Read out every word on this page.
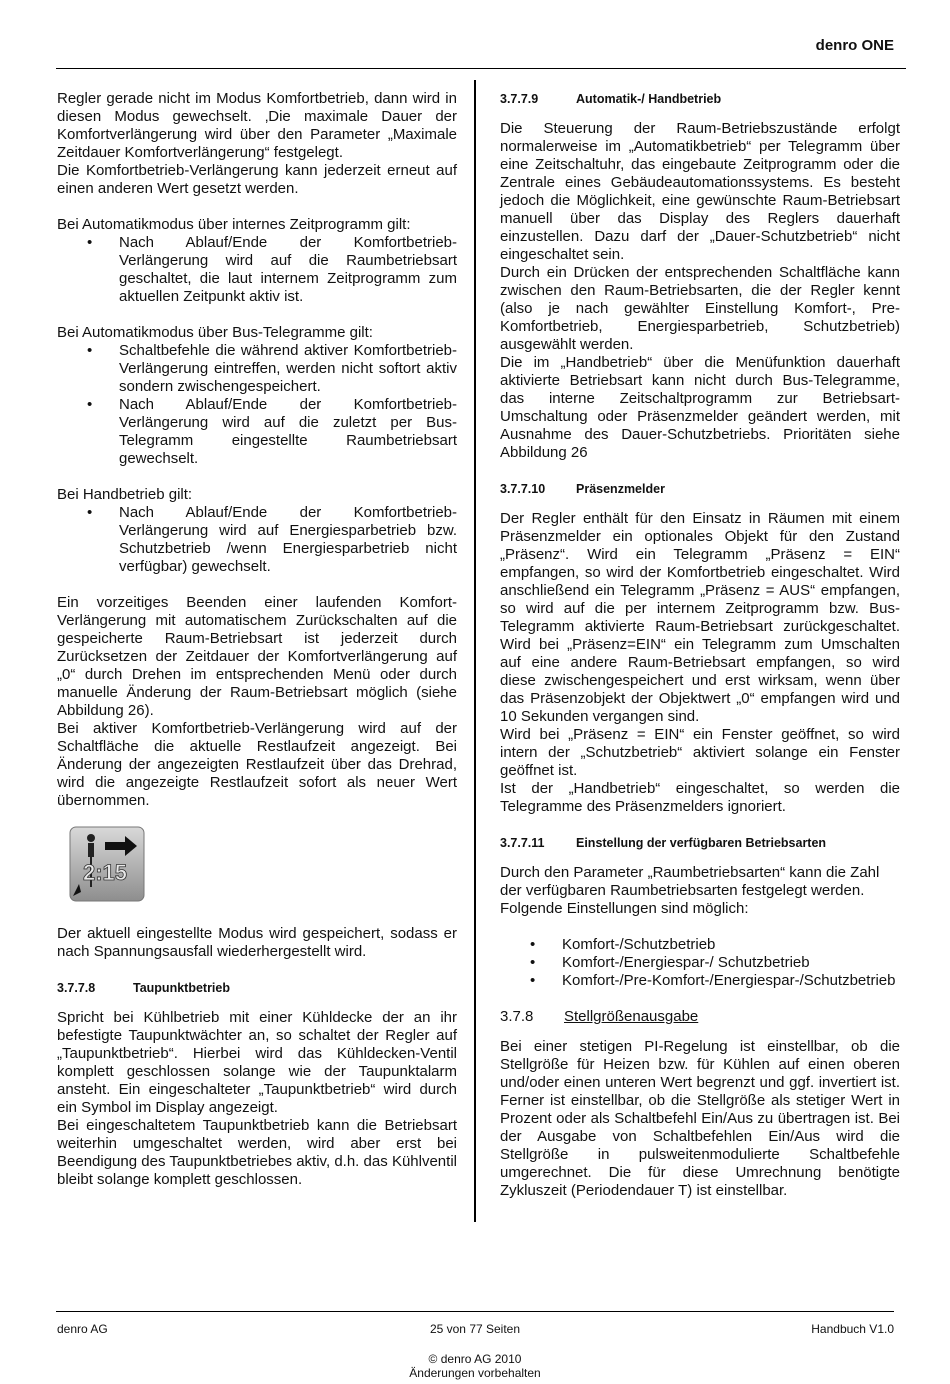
denro ONE

Regler gerade nicht im Modus Komfortbetrieb, dann wird in diesen Modus gewechselt. ‚Die maximale Dauer der Komfortverlängerung wird über den Parameter „Maximale Zeitdauer Komfortverlängerung“ festgelegt.

Die Komfortbetrieb-Verlängerung kann jederzeit erneut auf einen anderen Wert gesetzt werden.

Bei Automatikmodus über internes Zeitprogramm gilt:

• Nach Ablauf/Ende der Komfortbetrieb-Verlängerung wird auf die Raumbetriebsart geschaltet, die laut internem Zeitprogramm zum aktuellen Zeitpunkt aktiv ist.

Bei Automatikmodus über Bus-Telegramme gilt:

• Schaltbefehle die während aktiver Komfortbetrieb-Verlängerung eintreffen, werden nicht softort aktiv sondern zwischengespeichert.
• Nach Ablauf/Ende der Komfortbetrieb-Verlängerung wird auf die zuletzt per Bus-Telegramm eingestellte Raumbetriebsart gewechselt.

Bei Handbetrieb gilt:

• Nach Ablauf/Ende der Komfortbetrieb-Verlängerung wird auf Energiesparbetrieb bzw. Schutzbetrieb /wenn Energiesparbetrieb nicht verfügbar) gewechselt.

Ein vorzeitiges Beenden einer laufenden Komfort-Verlängerung mit automatischem Zurückschalten auf die gespeicherte Raum-Betriebsart ist jederzeit durch Zurücksetzen der Zeitdauer der Komfortverlängerung auf „0“ durch Drehen im entsprechenden Menü oder durch manuelle Änderung der Raum-Betriebsart möglich (siehe Abbildung 26).

Bei aktiver Komfortbetrieb-Verlängerung wird auf der Schaltfläche die aktuelle Restlaufzeit angezeigt. Bei Änderung der angezeigten Restlaufzeit über das Drehrad, wird die angezeigte Restlaufzeit sofort als neuer Wert übernommen.

2:15

Der aktuell eingestellte Modus wird gespeichert, sodass er nach Spannungsausfall wiederhergestellt wird.

3.7.7.8	Taupunktbetrieb

Spricht bei Kühlbetrieb mit einer Kühldecke der an ihr befestigte Taupunktwächter an, so schaltet der Regler auf „Taupunktbetrieb“. Hierbei wird das Kühldecken-Ventil komplett geschlossen solange wie der Taupunktalarm ansteht. Ein eingeschalteter „Taupunktbetrieb“ wird durch ein Symbol im Display angezeigt.

Bei eingeschaltetem Taupunktbetrieb kann die Betriebsart weiterhin umgeschaltet werden, wird aber erst bei Beendigung des Taupunktbetriebes aktiv, d.h. das Kühlventil bleibt solange komplett geschlossen.

3.7.7.9	Automatik-/ Handbetrieb

Die Steuerung der Raum-Betriebszustände erfolgt normalerweise im „Automatikbetrieb“ per Telegramm über eine Zeitschaltuhr, das eingebaute Zeitprogramm oder die Zentrale eines Gebäudeautomationssystems. Es besteht jedoch die Möglichkeit, eine gewünschte Raum-Betriebsart manuell über das Display des Reglers dauerhaft einzustellen. Dazu darf der „Dauer-Schutzbetrieb“ nicht eingeschaltet sein.

Durch ein Drücken der entsprechenden Schaltfläche kann zwischen den Raum-Betriebsarten, die der Regler kennt (also je nach gewählter Einstellung Komfort-, Pre-Komfortbetrieb, Energiesparbetrieb, Schutzbetrieb) ausgewählt werden.

Die im „Handbetrieb“ über die Menüfunktion dauerhaft aktivierte Betriebsart kann nicht durch Bus-Telegramme, das interne Zeitschaltprogramm zur Betriebsart-Umschaltung oder Präsenzmelder geändert werden, mit Ausnahme des Dauer-Schutzbetriebs. Prioritäten siehe Abbildung 26

3.7.7.10	Präsenzmelder

Der Regler enthält für den Einsatz in Räumen mit einem Präsenzmelder ein optionales Objekt für den Zustand „Präsenz“. Wird ein Telegramm „Präsenz = EIN“ empfangen, so wird der Komfortbetrieb eingeschaltet. Wird anschließend ein Telegramm „Präsenz = AUS“ empfangen, so wird auf die per internem Zeitprogramm bzw. Bus-Telegramm aktivierte Raum-Betriebsart zurückgeschaltet. Wird bei „Präsenz=EIN“ ein Telegramm zum Umschalten auf eine andere Raum-Betriebsart empfangen, so wird diese zwischengespeichert und erst wirksam, wenn über das Präsenzobjekt der Objektwert „0“ empfangen wird und 10 Sekunden vergangen sind.

Wird bei „Präsenz = EIN“ ein Fenster geöffnet, so wird intern der „Schutzbetrieb“ aktiviert solange ein Fenster geöffnet ist.

Ist der „Handbetrieb“ eingeschaltet, so werden die Telegramme des Präsenzmelders ignoriert.

3.7.7.11	Einstellung der verfügbaren Betriebsarten

Durch den Parameter „Raumbetriebsarten“ kann die Zahl der verfügbaren Raumbetriebsarten festgelegt werden. Folgende Einstellungen sind möglich:

• Komfort-/Schutzbetrieb
• Komfort-/Energiespar-/ Schutzbetrieb
• Komfort-/Pre-Komfort-/Energiespar-/Schutzbetrieb
3.7.8	Stellgrößenausgabe

Bei einer stetigen PI-Regelung ist einstellbar, ob die Stellgröße für Heizen bzw. für Kühlen auf einen oberen und/oder einen unteren Wert begrenzt und ggf. invertiert ist. Ferner ist einstellbar, ob die Stellgröße als stetiger Wert in Prozent oder als Schaltbefehl Ein/Aus zu übertragen ist. Bei der Ausgabe von Schaltbefehlen Ein/Aus wird die Stellgröße in pulsweitenmodulierte Schaltbefehle umgerechnet. Die für diese Umrechnung benötigte Zykluszeit (Periodendauer T) ist einstellbar.

denro AG	25 von 77 Seiten	Handbuch V1.0
© denro AG 2010
Änderungen vorbehalten
